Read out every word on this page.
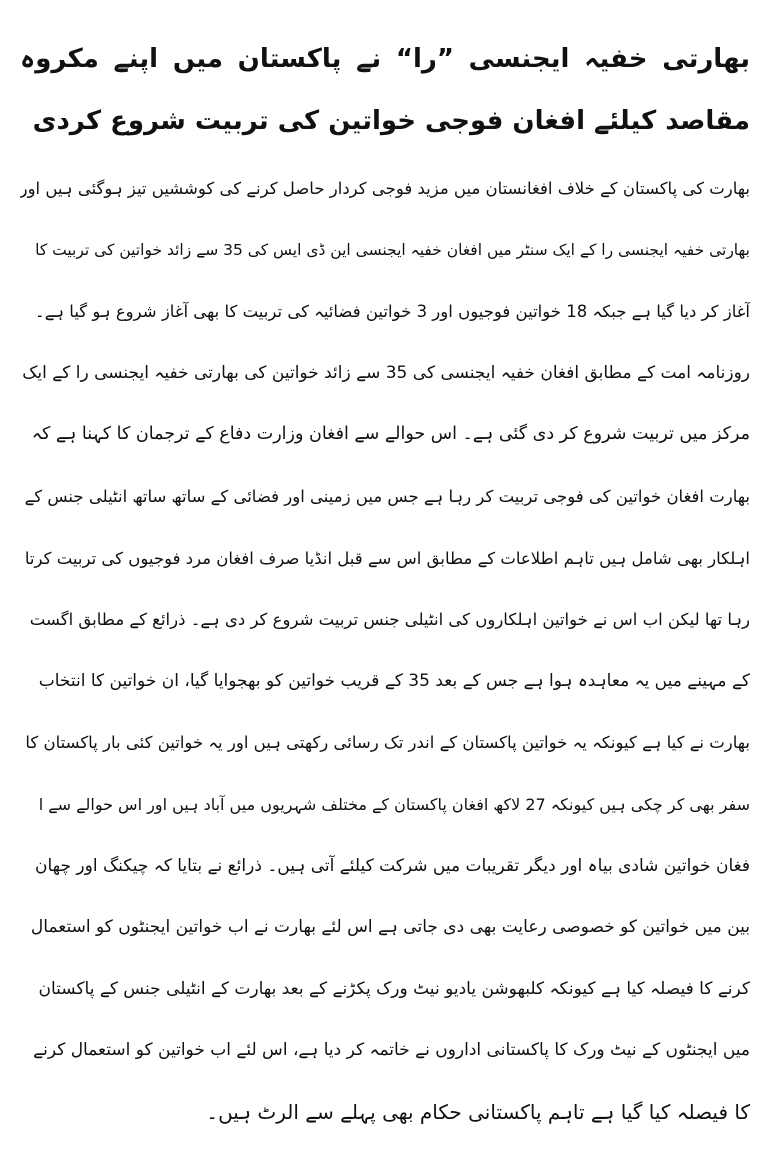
بھارتی خفیہ ایجنسی ”را“ نے پاکستان میں اپنے مکروہ مقاصد کیلئے افغان فوجی خواتین کی تربیت شروع کردی
بھارت کی پاکستان کے خلاف افغانستان میں مزید فوجی کردار حاصل کرنے کی کوششیں تیز ہوگئی ہیں اور
بھارتی خفیہ ایجنسی را کے ایک سنٹر میں افغان خفیہ ایجنسی این ڈی ایس کی 35 سے زائد خواتین کی تربیت کا
آغاز کر دیا گیا ہے جبکہ 18 خواتین فوجیوں اور 3 خواتین فضائیہ کی تربیت کا بھی آغاز شروع ہو گیا ہے۔
روزنامہ امت کے مطابق افغان خفیہ ایجنسی کی 35 سے زائد خواتین کی بھارتی خفیہ ایجنسی را کے ایک
مرکز میں تربیت شروع کر دی گئی ہے۔ اس حوالے سے افغان وزارت دفاع کے ترجمان کا کہنا ہے کہ
بھارت افغان خواتین کی فوجی تربیت کر رہا ہے جس میں زمینی اور فضائی کے ساتھ ساتھ انٹیلی جنس کے
اہلکار بھی شامل ہیں تاہم اطلاعات کے مطابق اس سے قبل انڈیا صرف افغان مرد فوجیوں کی تربیت کرتا
رہا تھا لیکن اب اس نے خواتین اہلکاروں کی انٹیلی جنس تربیت شروع کر دی ہے۔ ذرائع کے مطابق اگست
کے مہینے میں یہ معاہدہ ہوا ہے جس کے بعد 35 کے قریب خواتین کو بھجوایا گیا، ان خواتین کا انتخاب
بھارت نے کیا ہے کیونکہ یہ خواتین پاکستان کے اندر تک رسائی رکھتی ہیں اور یہ خواتین کئی بار پاکستان کا
سفر بھی کر چکی ہیں کیونکہ 27 لاکھ افغان پاکستان کے مختلف شہریوں میں آباد ہیں اور اس حوالے سے ا
فغان خواتین شادی بیاہ اور دیگر تقریبات میں شرکت کیلئے آتی ہیں۔ ذرائع نے بتایا کہ چیکنگ اور چھان
بین میں خواتین کو خصوصی رعایت بھی دی جاتی ہے اس لئے بھارت نے اب خواتین ایجنٹوں کو استعمال
کرنے کا فیصلہ کیا ہے کیونکہ کلبھوشن یادیو نیٹ ورک پکڑنے کے بعد بھارت کے انٹیلی جنس کے پاکستان
میں ایجنٹوں کے نیٹ ورک کا پاکستانی اداروں نے خاتمہ کر دیا ہے، اس لئے اب خواتین کو استعمال کرنے
کا فیصلہ کیا گیا ہے تاہم پاکستانی حکام بھی پہلے سے الرٹ ہیں۔
